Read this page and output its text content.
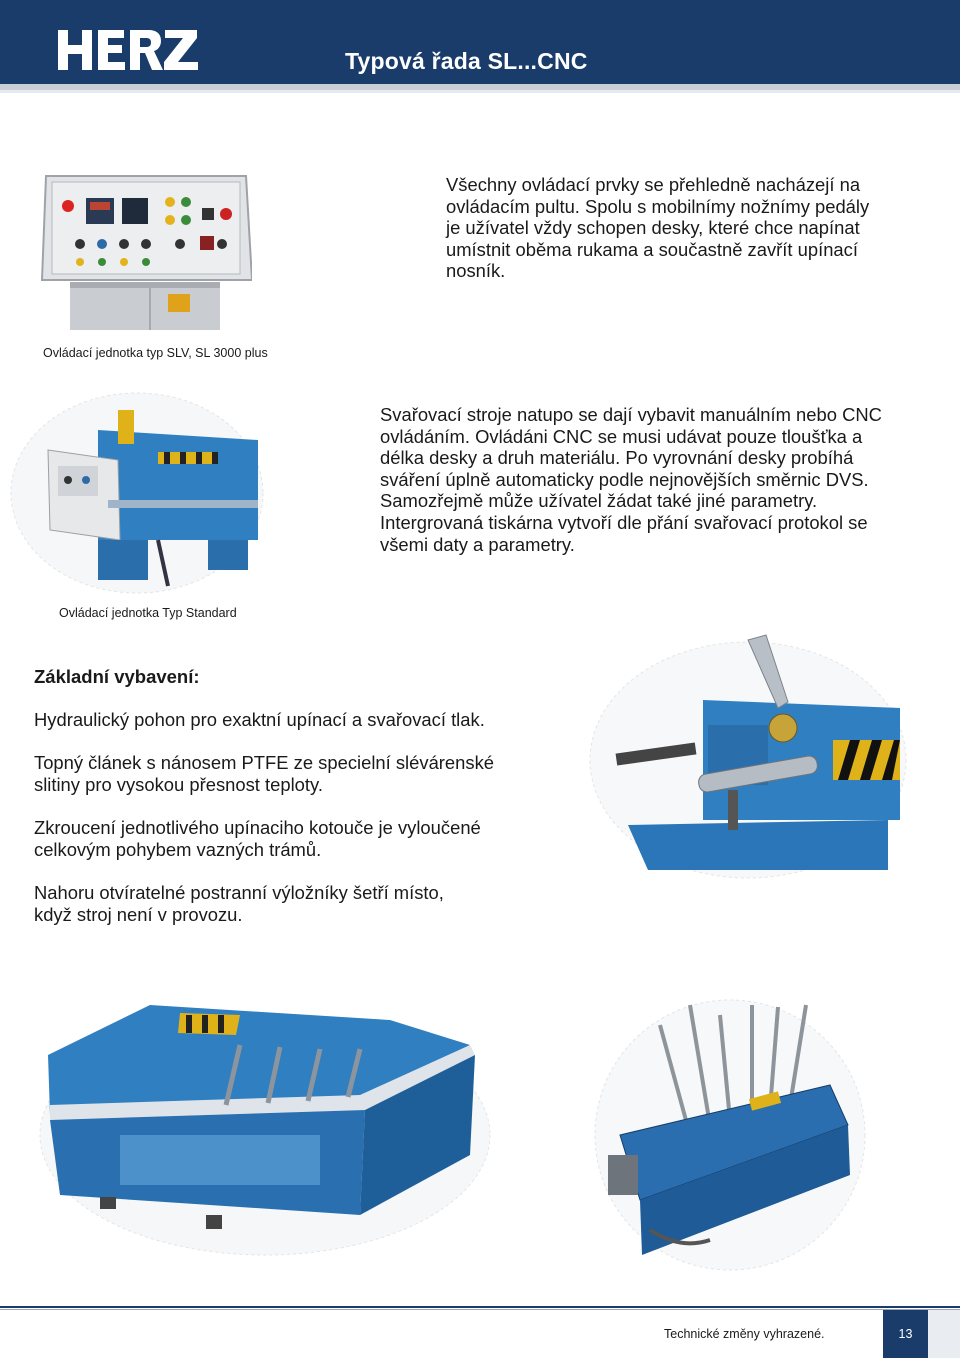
Typová řada SL...CNC
Všechny ovládací prvky se přehledně nacházejí na
ovládacím pultu. Spolu s mobilnímy nožnímy pedály
je užívatel vždy schopen desky, které chce napínat
umístnit oběma rukama a součastně zavřít upínací
nosník.
Ovládací jednotka typ SLV, SL 3000 plus
Svařovací stroje natupo se dají vybavit manuálním nebo CNC
ovládáním. Ovládáni CNC se musi udávat pouze tloušťka a
délka desky a druh materiálu. Po vyrovnání desky probíhá
sváření úplně automaticky podle nejnovějších směrnic DVS.
Samozřejmě může užívatel žádat také jiné parametry.
Intergrovaná tiskárna vytvoří dle přání svařovací protokol se
všemi daty a parametry.
Ovládací jednotka Typ Standard
Základní vybavení:
Hydraulický pohon pro exaktní upínací a svařovací tlak.
Topný článek s nánosem PTFE ze specielní slévárenské
slitiny pro vysokou přesnost teploty.
Zkroucení jednotlivého upínaciho kotouče je vyloučené
celkovým pohybem vazných trámů.
Nahoru otvíratelné postranní výložníky šetří místo,
když stroj není v provozu.
Technické změny vyhrazené.	13
